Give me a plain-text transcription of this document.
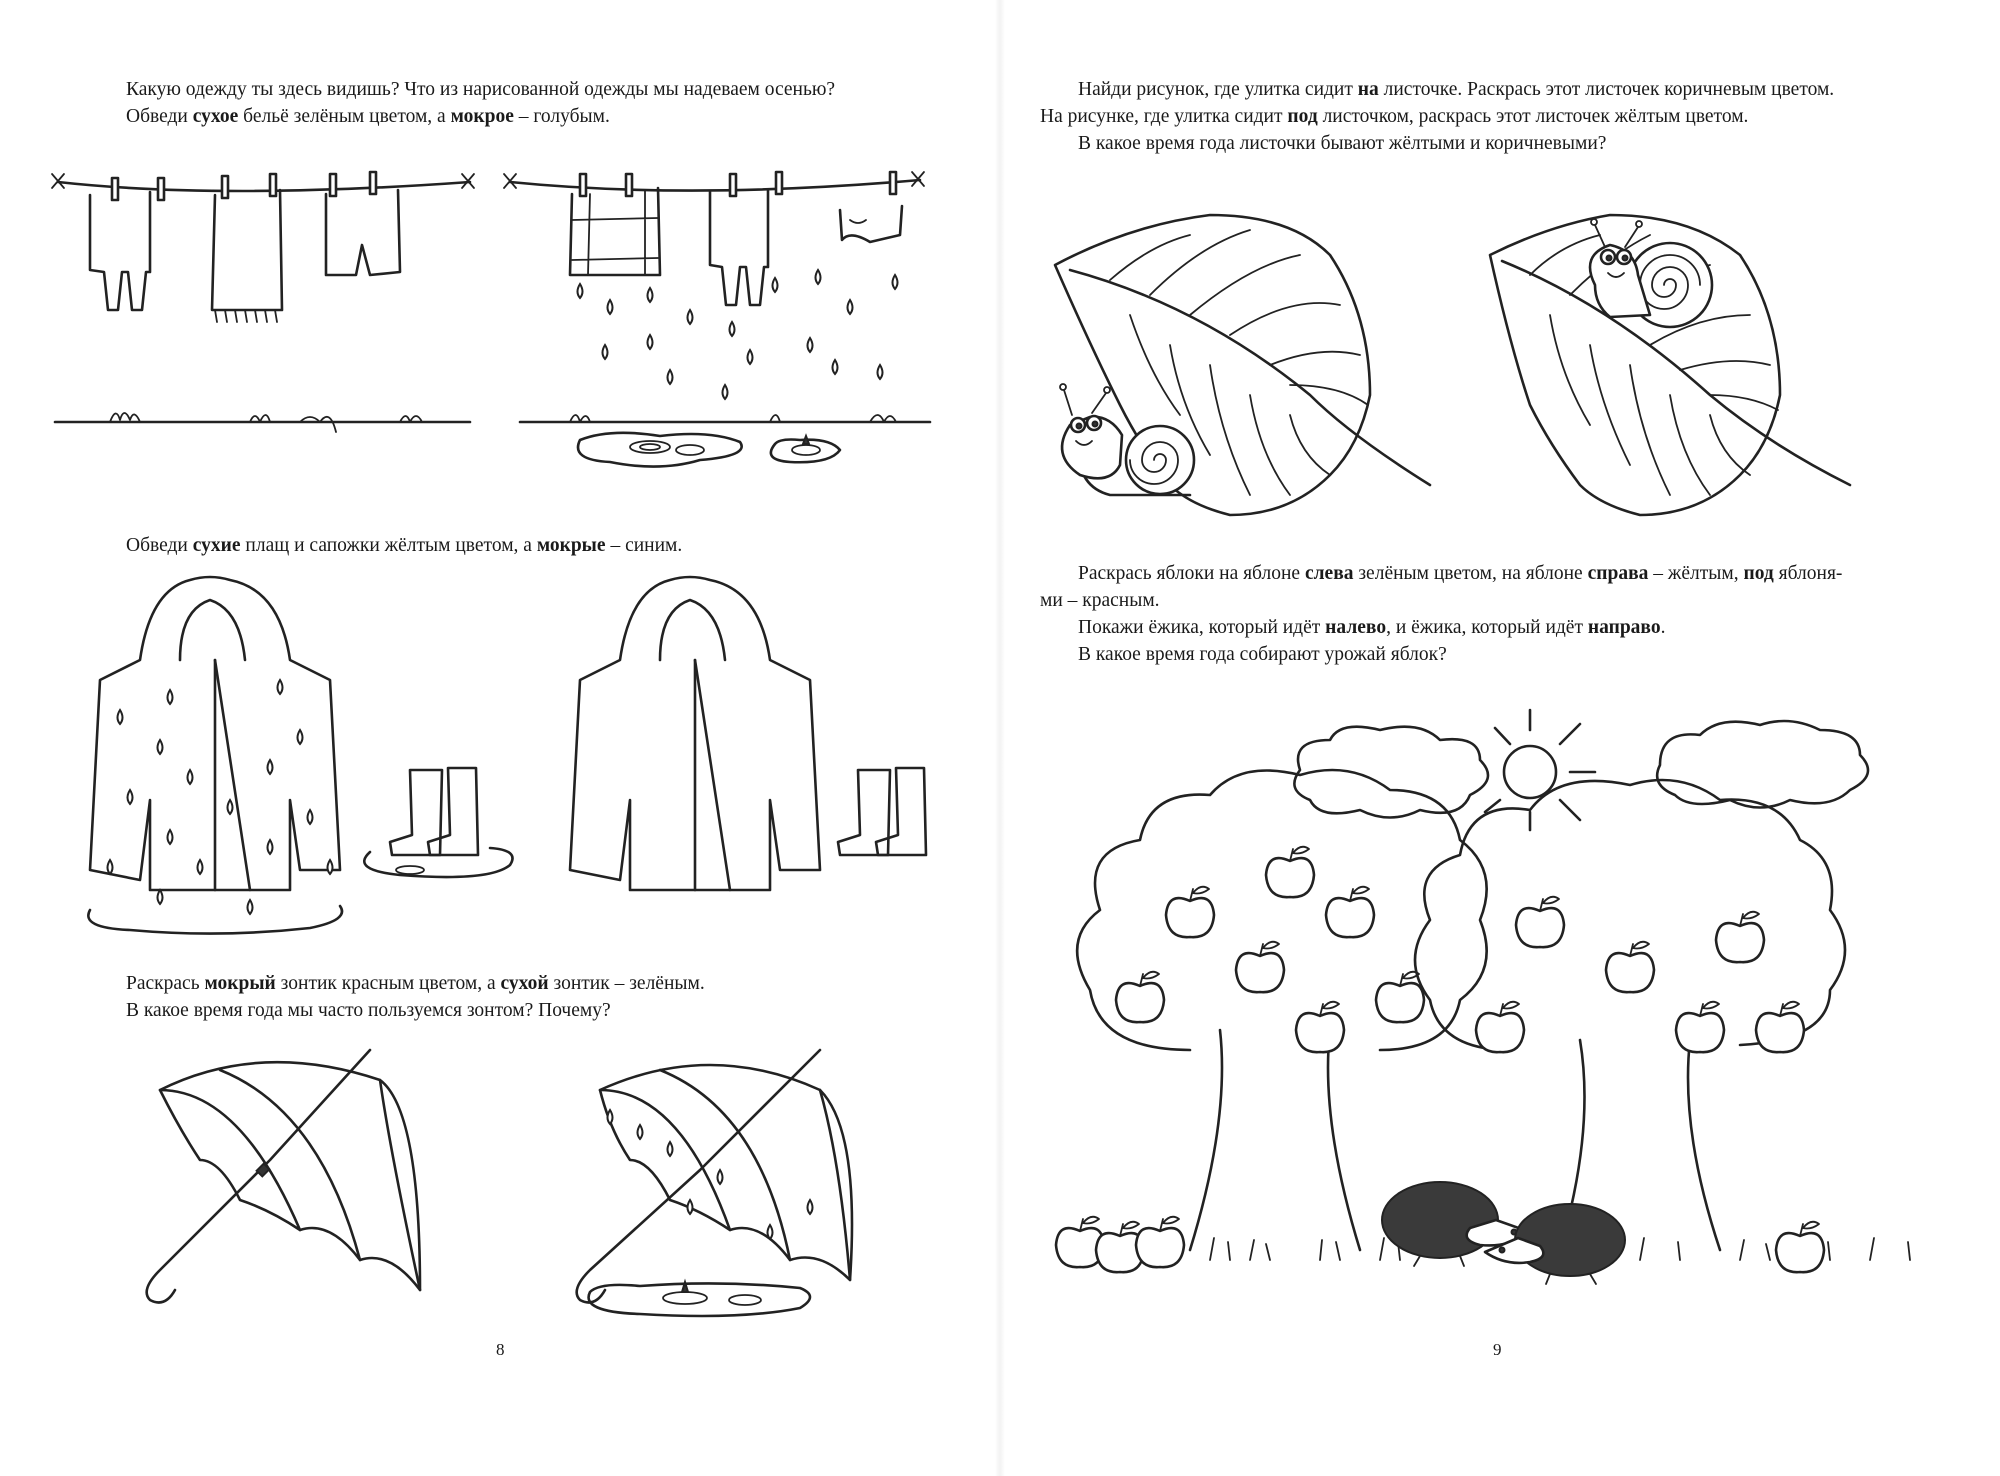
Какую одежду ты здесь видишь? Что из нарисованной одежды мы надеваем осенью?

Обведи сухое бельё зелёным цветом, а мокрое – голубым.

Обведи сухие плащ и сапожки жёлтым цветом, а мокрые – синим.

Раскрась мокрый зонтик красным цветом, а сухой зонтик – зелёным.

В какое время года мы часто пользуемся зонтом? Почему?

8

Найди рисунок, где улитка сидит на листочке. Раскрась этот листочек коричневым цветом.

На рисунке, где улитка сидит под листочком, раскрась этот листочек жёлтым цветом.

В какое время года листочки бывают жёлтыми и коричневыми?

Раскрась яблоки на яблоне слева зелёным цветом, на яблоне справа – жёлтым, под яблоня-

ми – красным.

Покажи ёжика, который идёт налево, и ёжика, который идёт направо.

В какое время года собирают урожай яблок?

9
